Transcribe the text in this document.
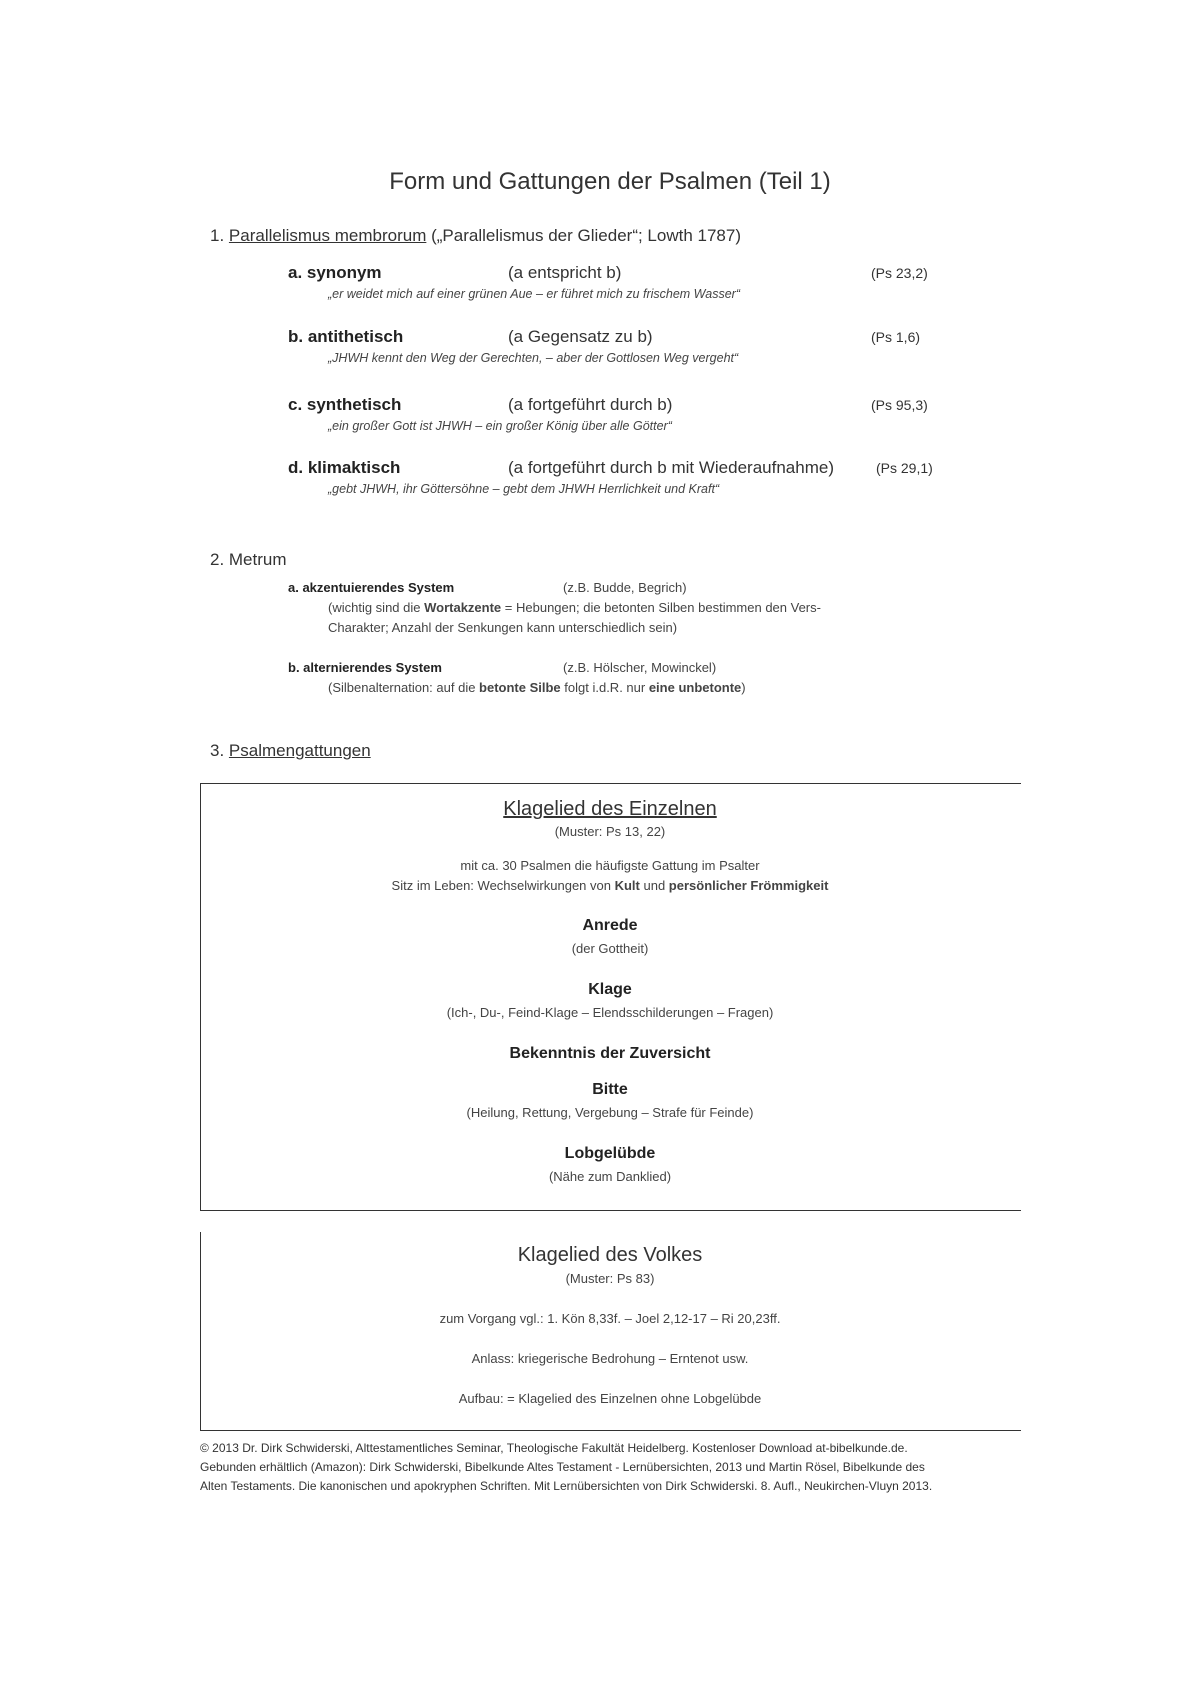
Form und Gattungen der Psalmen (Teil 1)
1. Parallelismus membrorum („Parallelismus der Glieder“; Lowth 1787)
a. synonym	(a entspricht b)	(Ps 23,2)
„er weidet mich auf einer grünen Aue – er führet mich zu frischem Wasser“
b. antithetisch	(a Gegensatz zu b)	(Ps 1,6)
„JHWH kennt den Weg der Gerechten, – aber der Gottlosen Weg vergeht“
c. synthetisch	(a fortgeführt durch b)	(Ps 95,3)
„ein großer Gott ist JHWH – ein großer König über alle Götter“
d. klimaktisch	(a fortgeführt durch b mit Wiederaufnahme)	(Ps 29,1)
„gebt JHWH, ihr Göttersöhne – gebt dem JHWH Herrlichkeit und Kraft“
2. Metrum
a. akzentuierendes System	(z.B. Budde, Begrich)
(wichtig sind die Wortakzente = Hebungen; die betonten Silben bestimmen den Vers-
Charakter; Anzahl der Senkungen kann unterschiedlich sein)
b. alternierendes System	(z.B. Hölscher, Mowinckel)
(Silbenalternation: auf die betonte Silbe folgt i.d.R. nur eine unbetonte)
3. Psalmengattungen
Klagelied des Einzelnen
(Muster: Ps 13, 22)
mit ca. 30 Psalmen die häufigste Gattung im Psalter
Sitz im Leben: Wechselwirkungen von Kult und persönlicher Frömmigkeit
Anrede
(der Gottheit)
Klage
(Ich-, Du-, Feind-Klage – Elendsschilderungen – Fragen)
Bekenntnis der Zuversicht
Bitte
(Heilung, Rettung, Vergebung – Strafe für Feinde)
Lobgelübde
(Nähe zum Danklied)
Klagelied des Volkes
(Muster: Ps 83)
zum Vorgang vgl.: 1. Kön 8,33f. – Joel 2,12-17 – Ri 20,23ff.
Anlass: kriegerische Bedrohung – Erntenot usw.
Aufbau: = Klagelied des Einzelnen ohne Lobgelübde
© 2013 Dr. Dirk Schwiderski, Alttestamentliches Seminar, Theologische Fakultät Heidelberg. Kostenloser Download at-bibelkunde.de.
Gebunden erhältlich (Amazon): Dirk Schwiderski, Bibelkunde Altes Testament - Lernübersichten, 2013 und Martin Rösel, Bibelkunde des
Alten Testaments. Die kanonischen und apokryphen Schriften. Mit Lernübersichten von Dirk Schwiderski. 8. Aufl., Neukirchen-Vluyn 2013.
